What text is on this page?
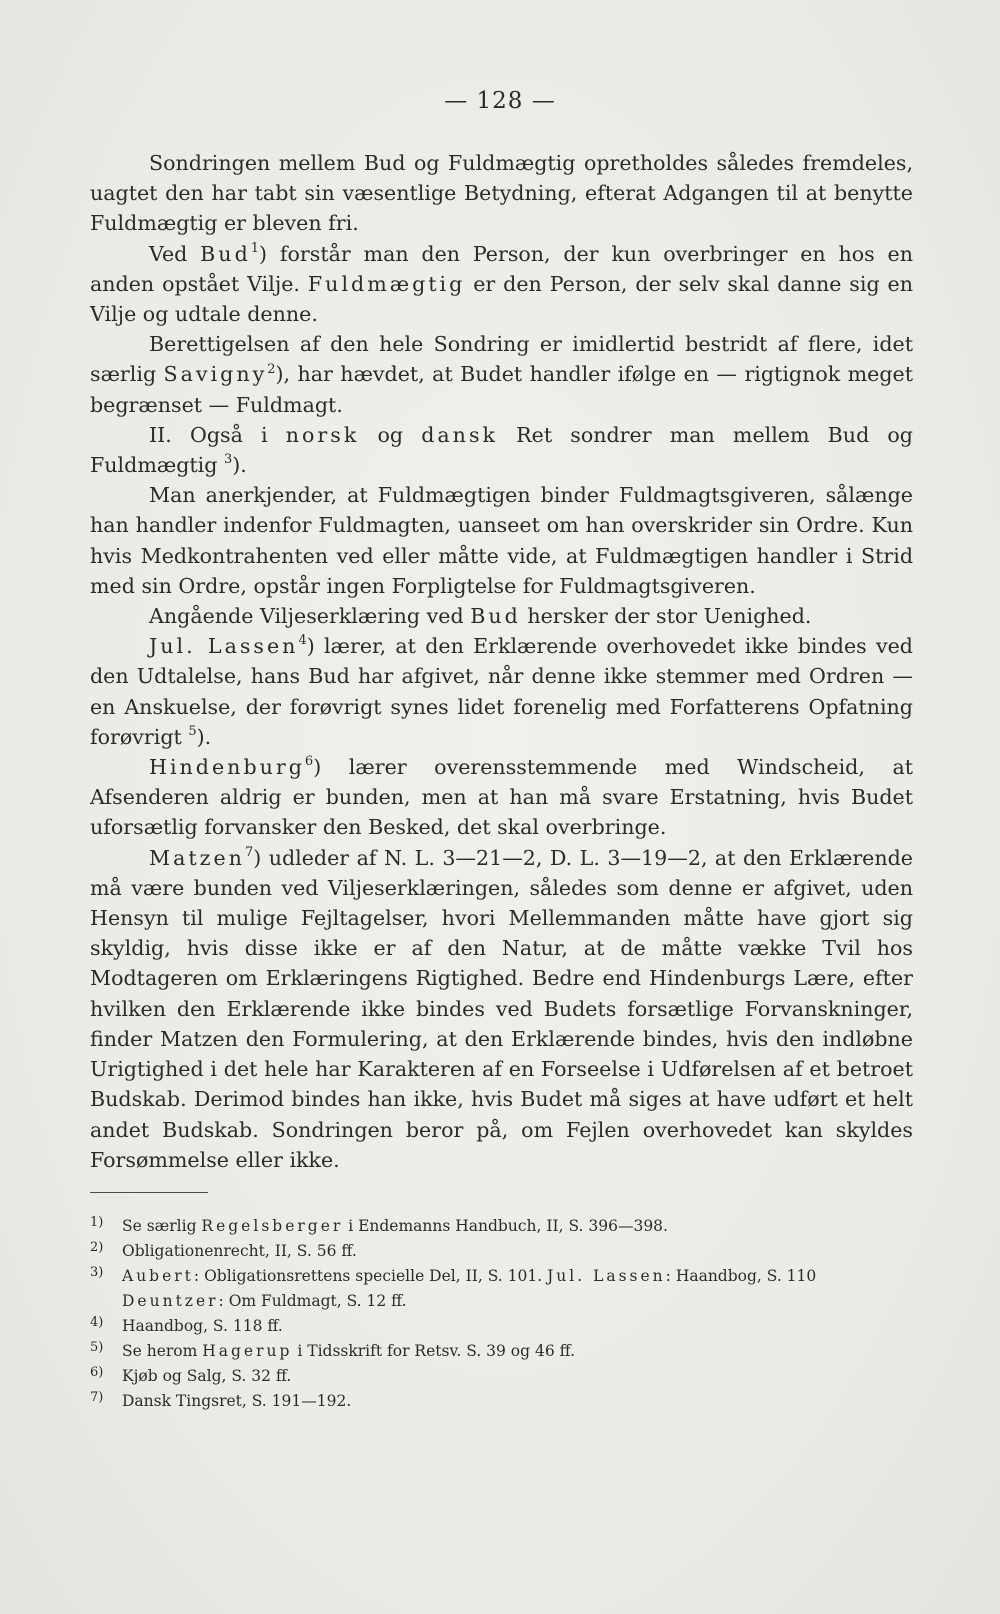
— 128 —

Sondringen mellem Bud og Fuldmægtig opretholdes således fremdeles, uagtet den har tabt sin væsentlige Betydning, efterat Adgangen til at benytte Fuldmægtig er bleven fri.

Ved Bud$^1$) forstår man den Person, der kun overbringer en hos en anden opstået Vilje. Fuldmægtig er den Person, der selv skal danne sig en Vilje og udtale denne.

Berettigelsen af den hele Sondring er imidlertid bestridt af flere, idet særlig Savigny$^2$), har hævdet, at Budet handler ifølge en — rigtignok meget begrænset — Fuldmagt.

II. Også i norsk og dansk Ret sondrer man mellem Bud og Fuldmægtig $^3$).

Man anerkjender, at Fuldmægtigen binder Fuldmagtsgiveren, sålænge han handler indenfor Fuldmagten, uanseet om han overskrider sin Ordre. Kun hvis Medkontrahenten ved eller måtte vide, at Fuldmægtigen handler i Strid med sin Ordre, opstår ingen Forpligtelse for Fuldmagtsgiveren.

Angående Viljeserklæring ved Bud hersker der stor Uenighed.

Jul. Lassen$^4$) lærer, at den Erklærende overhovedet ikke bindes ved den Udtalelse, hans Bud har afgivet, når denne ikke stemmer med Ordren — en Anskuelse, der forøvrigt synes lidet forenelig med Forfatterens Opfatning forøvrigt $^5$).

Hindenburg$^6$) lærer overensstemmende med Windscheid, at Afsenderen aldrig er bunden, men at han må svare Erstatning, hvis Budet uforsætlig forvansker den Besked, det skal overbringe.

Matzen$^7$) udleder af N. L. 3—21—2, D. L. 3—19—2, at den Erklærende må være bunden ved Viljeserklæringen, således som denne er afgivet, uden Hensyn til mulige Fejltagelser, hvori Mellemmanden måtte have gjort sig skyldig, hvis disse ikke er af den Natur, at de måtte vække Tvil hos Modtageren om Erklæringens Rigtighed. Bedre end Hindenburgs Lære, efter hvilken den Erklærende ikke bindes ved Budets forsætlige Forvanskninger, finder Matzen den Formulering, at den Erklærende bindes, hvis den indløbne Urigtighed i det hele har Karakteren af en Forseelse i Udførelsen af et betroet Budskab. Derimod bindes han ikke, hvis Budet må siges at have udført et helt andet Budskab. Sondringen beror på, om Fejlen overhovedet kan skyldes Forsømmelse eller ikke.

1)	Se særlig Regelsberger i Endemanns Handbuch, II, S. 396—398.
2)	Obligationenrecht, II, S. 56 ff.
3)	Aubert: Obligationsrettens specielle Del, II, S. 101. Jul. Lassen: Haandbog, S. 110 Deuntzer: Om Fuldmagt, S. 12 ff.
4)	Haandbog, S. 118 ff.
5)	Se herom Hagerup i Tidsskrift for Retsv. S. 39 og 46 ff.
6)	Kjøb og Salg, S. 32 ff.
7)	Dansk Tingsret, S. 191—192.
